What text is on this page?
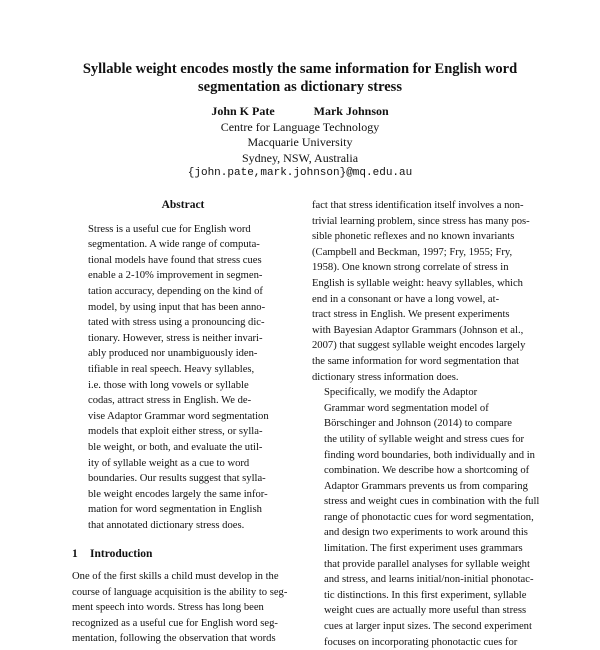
Syllable weight encodes mostly the same information for English word
segmentation as dictionary stress
John K Pate	Mark Johnson
Centre for Language Technology
Macquarie University
Sydney, NSW, Australia
{john.pate,mark.johnson}@mq.edu.au
Abstract
Stress is a useful cue for English word
segmentation. A wide range of computa-
tional models have found that stress cues
enable a 2-10% improvement in segmen-
tation accuracy, depending on the kind of
model, by using input that has been anno-
tated with stress using a pronouncing dic-
tionary. However, stress is neither invari-
ably produced nor unambiguously iden-
tifiable in real speech. Heavy syllables,
i.e. those with long vowels or syllable
codas, attract stress in English. We de-
vise Adaptor Grammar word segmentation
models that exploit either stress, or sylla-
ble weight, or both, and evaluate the util-
ity of syllable weight as a cue to word
boundaries. Our results suggest that sylla-
ble weight encodes largely the same infor-
mation for word segmentation in English
that annotated dictionary stress does.
1 Introduction
One of the first skills a child must develop in the
course of language acquisition is the ability to seg-
ment speech into words. Stress has long been
recognized as a useful cue for English word seg-
mentation, following the observation that words
fact that stress identification itself involves a non-
trivial learning problem, since stress has many pos-
sible phonetic reflexes and no known invariants
(Campbell and Beckman, 1997; Fry, 1955; Fry,
1958). One known strong correlate of stress in
English is syllable weight: heavy syllables, which
end in a consonant or have a long vowel, at-
tract stress in English. We present experiments
with Bayesian Adaptor Grammars (Johnson et al.,
2007) that suggest syllable weight encodes largely
the same information for word segmentation that
dictionary stress information does.
Specifically, we modify the Adaptor
Grammar word segmentation model of
Börschinger and Johnson (2014) to compare
the utility of syllable weight and stress cues for
finding word boundaries, both individually and in
combination. We describe how a shortcoming of
Adaptor Grammars prevents us from comparing
stress and weight cues in combination with the full
range of phonotactic cues for word segmentation,
and design two experiments to work around this
limitation. The first experiment uses grammars
that provide parallel analyses for syllable weight
and stress, and learns initial/non-initial phonotac-
tic distinctions. In this first experiment, syllable
weight cues are actually more useful than stress
cues at larger input sizes. The second experiment
focuses on incorporating phonotactic cues for
